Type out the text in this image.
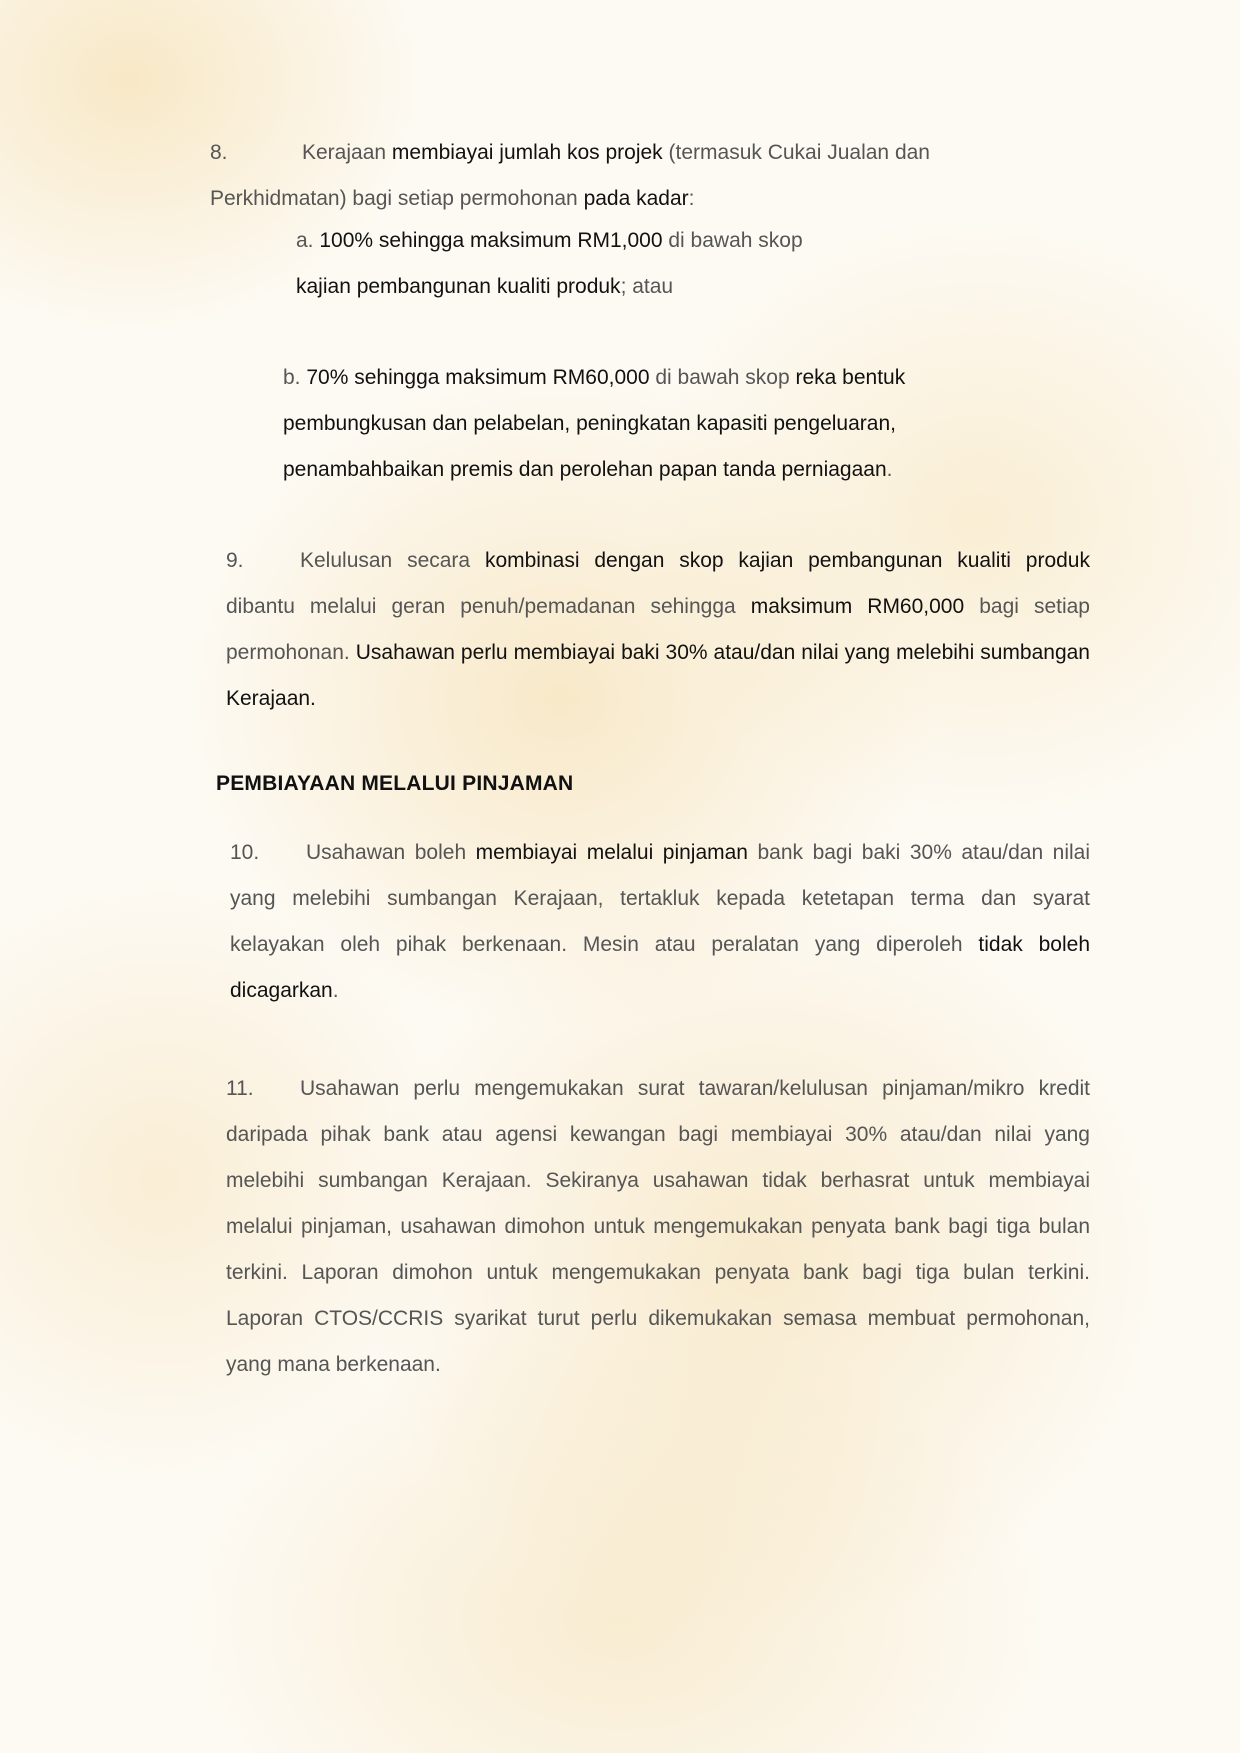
8.	Kerajaan membiayai jumlah kos projek (termasuk Cukai Jualan dan Perkhidmatan) bagi setiap permohonan pada kadar:
a. 100% sehingga maksimum RM1,000 di bawah skop
kajian pembangunan kualiti produk; atau
b. 70% sehingga maksimum RM60,000 di bawah skop reka bentuk pembungkusan dan pelabelan, peningkatan kapasiti pengeluaran, penambahbaikan premis dan perolehan papan tanda perniagaan.
9.	Kelulusan secara kombinasi dengan skop kajian pembangunan kualiti produk dibantu melalui geran penuh/pemadanan sehingga maksimum RM60,000 bagi setiap permohonan. Usahawan perlu membiayai baki 30% atau/dan nilai yang melebihi sumbangan Kerajaan.
PEMBIAYAAN MELALUI PINJAMAN
10. Usahawan boleh membiayai melalui pinjaman bank bagi baki 30% atau/dan nilai yang melebihi sumbangan Kerajaan, tertakluk kepada ketetapan terma dan syarat kelayakan oleh pihak berkenaan. Mesin atau peralatan yang diperoleh tidak boleh dicagarkan.
11. Usahawan perlu mengemukakan surat tawaran/kelulusan pinjaman/mikro kredit daripada pihak bank atau agensi kewangan bagi membiayai 30% atau/dan nilai yang melebihi sumbangan Kerajaan. Sekiranya usahawan tidak berhasrat untuk membiayai melalui pinjaman, usahawan dimohon untuk mengemukakan penyata bank bagi tiga bulan terkini. Laporan dimohon untuk mengemukakan penyata bank bagi tiga bulan terkini. Laporan CTOS/CCRIS syarikat turut perlu dikemukakan semasa membuat permohonan, yang mana berkenaan.
